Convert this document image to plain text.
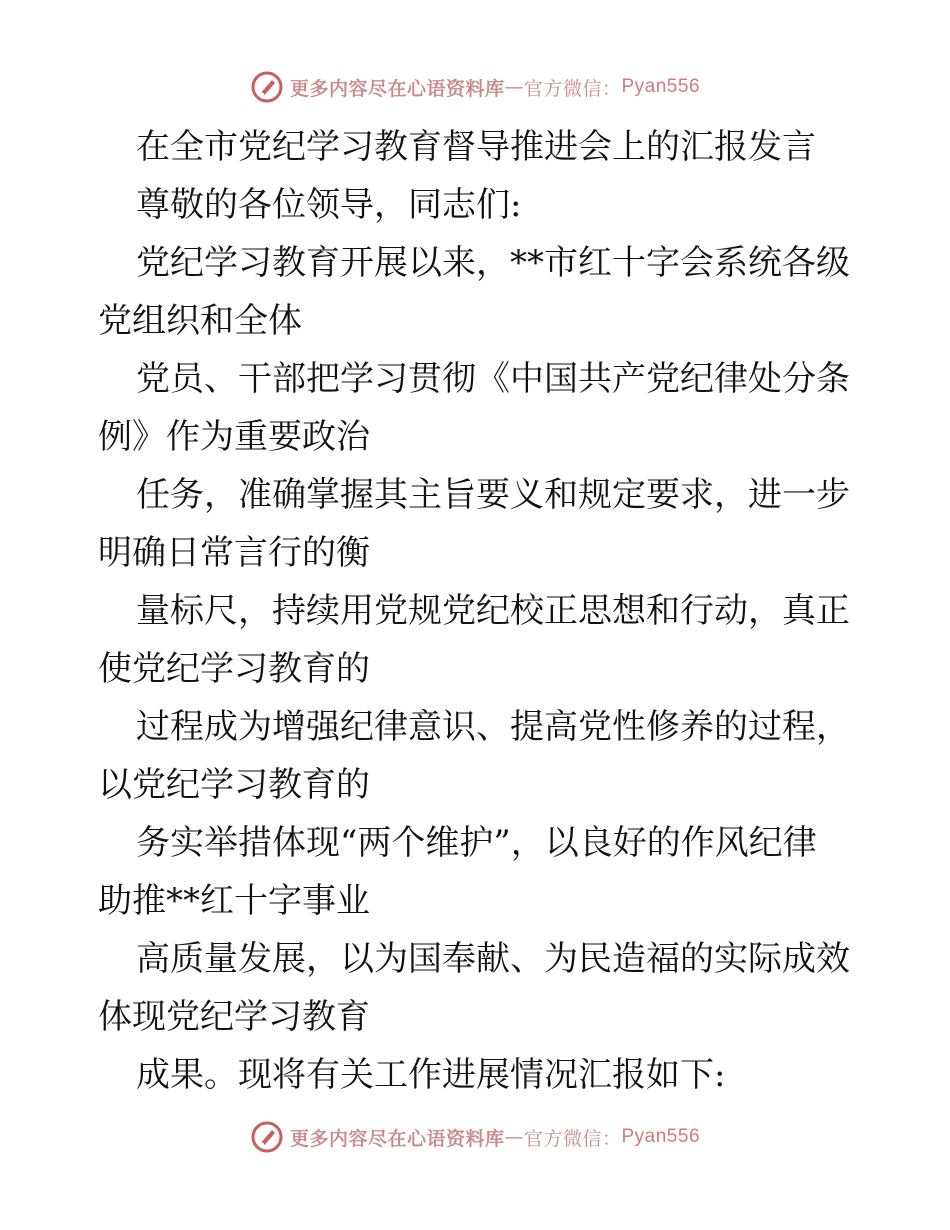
更多内容尽在心语资料库 — 官方微信： Pyan556
在全市党纪学习教育督导推进会上的汇报发言
尊敬的各位领导，同志们:
党纪学习教育开展以来，**市红十字会系统各级
党组织和全体
党员、干部把学习贯彻《中国共产党纪律处分条
例》作为重要政治
任务，准确掌握其主旨要义和规定要求，进一步
明确日常言行的衡
量标尺，持续用党规党纪校正思想和行动，真正
使党纪学习教育的
过程成为增强纪律意识、提高党性修养的过程，
以党纪学习教育的
务实举措体现“两个维护”，以良好的作风纪律
助推**红十字事业
高质量发展，以为国奉献、为民造福的实际成效
体现党纪学习教育
成果。现将有关工作进展情况汇报如下:
更多内容尽在心语资料库 — 官方微信： Pyan556
